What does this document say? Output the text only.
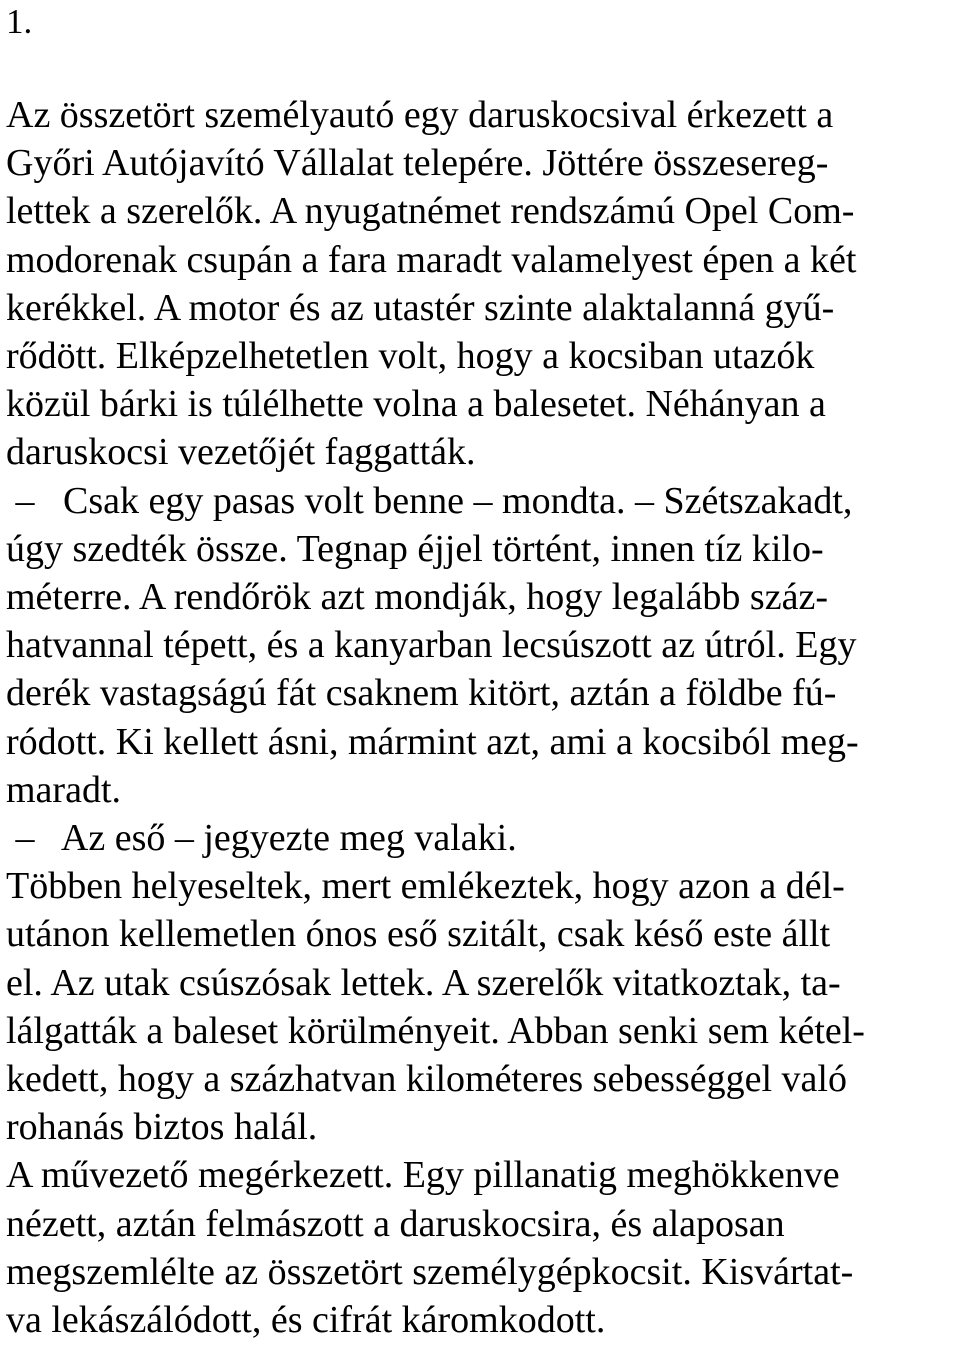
1.

Az összetört személyautó egy daruskocsival érkezett a
Győri Autójavító Vállalat telepére. Jöttére összesereg-
lettek a szerelők. A nyugatnémet rendszámú Opel Com-
modorenak csupán a fara maradt valamelyest épen a két
kerékkel. A motor és az utastér szinte alaktalanná gyű-
rődött. Elképzelhetetlen volt, hogy a kocsiban utazók
közül bárki is túlélhette volna a balesetet. Néhányan a
daruskocsi vezetőjét faggatták.
–   Csak egy pasas volt benne – mondta. – Szétszakadt,
úgy szedték össze. Tegnap éjjel történt, innen tíz kilo-
méterre. A rendőrök azt mondják, hogy legalább száz-
hatvannal tépett, és a kanyarban lecsúszott az útról. Egy
derék vastagságú fát csaknem kitört, aztán a földbe fú-
ródott. Ki kellett ásni, mármint azt, ami a kocsiból meg-
maradt.
–   Az eső – jegyezte meg valaki.
Többen helyeseltek, mert emlékeztek, hogy azon a dél-
utánon kellemetlen ónos eső szitált, csak késő este állt
el. Az utak csúszósak lettek. A szerelők vitatkoztak, ta-
lálgatták a baleset körülményeit. Abban senki sem kétel-
kedett, hogy a százhatvan kilométeres sebességgel való
rohanás biztos halál.
A művezető megérkezett. Egy pillanatig meghökkenve
nézett, aztán felmászott a daruskocsira, és alaposan
megszemlélte az összetört személygépkocsit. Kisvártat-
va lekászálódott, és cifrát káromkodott.
